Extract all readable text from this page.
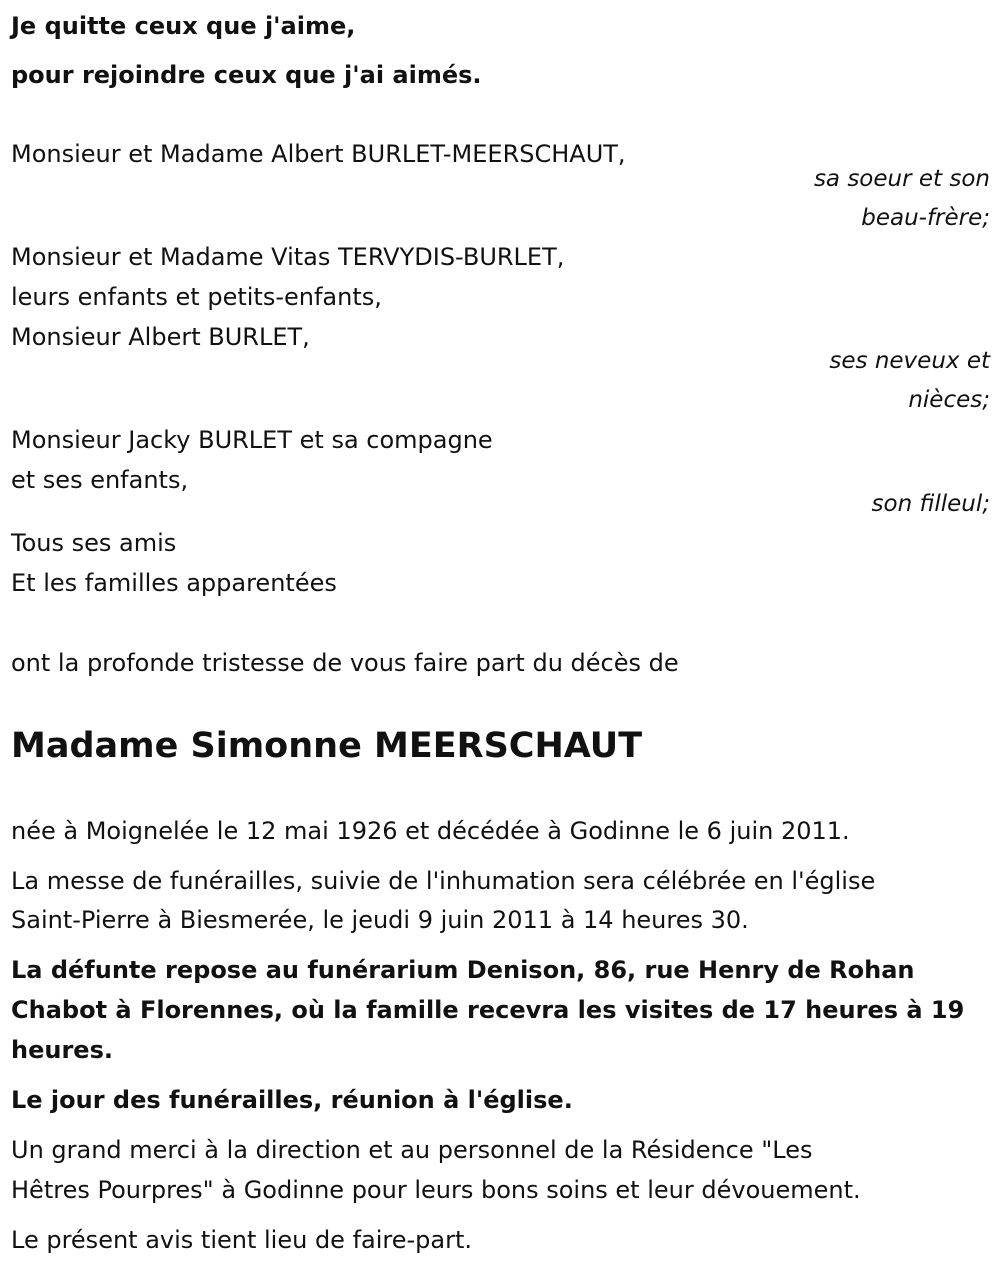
Je quitte ceux que j'aime,
pour rejoindre ceux que j'ai aimés.
Monsieur et Madame Albert BURLET-MEERSCHAUT,
sa soeur et son
beau-frère;
Monsieur et Madame Vitas TERVYDIS-BURLET,
leurs enfants et petits-enfants,
Monsieur Albert BURLET,
ses neveux et
nièces;
Monsieur Jacky BURLET et sa compagne
et ses enfants,
son filleul;
Tous ses amis
Et les familles apparentées
ont la profonde tristesse de vous faire part du décès de
Madame Simonne MEERSCHAUT
née à Moignelée le 12 mai 1926 et décédée à Godinne le 6 juin 2011.
La messe de funérailles, suivie de l'inhumation sera célébrée en l'église
Saint-Pierre à Biesmerée, le jeudi 9 juin 2011 à 14 heures 30.
La défunte repose au funérarium Denison, 86, rue Henry de Rohan
Chabot à Florennes, où la famille recevra les visites de 17 heures à 19
heures.
Le jour des funérailles, réunion à l'église.
Un grand merci à la direction et au personnel de la Résidence "Les
Hêtres Pourpres" à Godinne pour leurs bons soins et leur dévouement.
Le présent avis tient lieu de faire-part.
